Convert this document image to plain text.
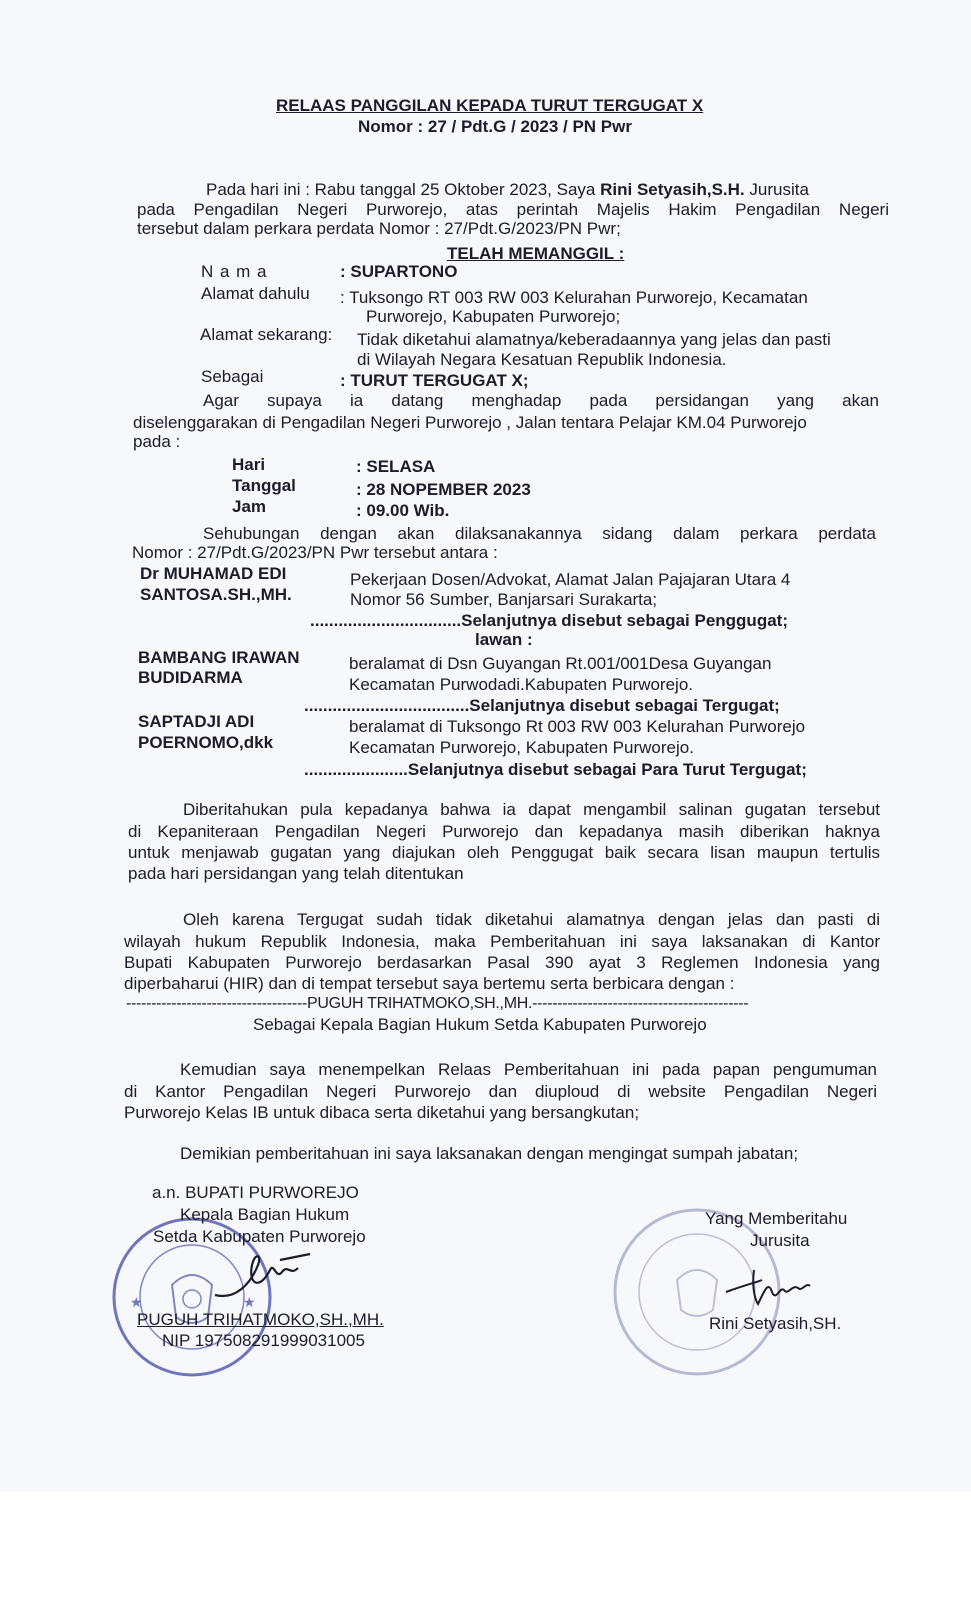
RELAAS PANGGILAN KEPADA TURUT TERGUGAT X
Nomor : 27 / Pdt.G / 2023 / PN Pwr
Pada hari ini : Rabu tanggal 25 Oktober 2023, Saya Rini Setyasih,S.H. Jurusita
pada Pengadilan Negeri Purworejo, atas perintah Majelis Hakim Pengadilan Negeri
tersebut dalam perkara perdata Nomor : 27/Pdt.G/2023/PN Pwr;
TELAH MEMANGGIL :
N a m a	: SUPARTONO
Alamat dahulu : Tuksongo RT 003 RW 003 Kelurahan Purworejo, Kecamatan
Purworejo, Kabupaten Purworejo;
Alamat sekarang: Tidak diketahui alamatnya/keberadaannya yang jelas dan pasti
di Wilayah Negara Kesatuan Republik Indonesia.
Sebagai	: TURUT TERGUGAT X;
Agar supaya ia datang menghadap pada persidangan yang akan
diselenggarakan di Pengadilan Negeri Purworejo , Jalan tentara Pelajar KM.04 Purworejo
pada :
Hari	: SELASA
Tanggal	: 28 NOPEMBER 2023
Jam	: 09.00 Wib.
Sehubungan dengan akan dilaksanakannya sidang dalam perkara perdata
Nomor : 27/Pdt.G/2023/PN Pwr tersebut antara :
Dr MUHAMAD EDI
SANTOSA.SH.,MH.
Pekerjaan Dosen/Advokat, Alamat Jalan Pajajaran Utara 4
Nomor 56 Sumber, Banjarsari Surakarta;
................................Selanjutnya disebut sebagai Penggugat;
lawan :
BAMBANG IRAWAN
BUDIDARMA
beralamat di Dsn Guyangan Rt.001/001Desa Guyangan
Kecamatan Purwodadi.Kabupaten Purworejo.
...................................Selanjutnya disebut sebagai Tergugat;
SAPTADJI ADI
POERNOMO,dkk
beralamat di Tuksongo Rt 003 RW 003 Kelurahan Purworejo
Kecamatan Purworejo, Kabupaten Purworejo.
......................Selanjutnya disebut sebagai Para Turut Tergugat;
Diberitahukan pula kepadanya bahwa ia dapat mengambil salinan gugatan tersebut
di Kepaniteraan Pengadilan Negeri Purworejo dan kepadanya masih diberikan haknya
untuk menjawab gugatan yang diajukan oleh Penggugat baik secara lisan maupun tertulis
pada hari persidangan yang telah ditentukan
Oleh karena Tergugat sudah tidak diketahui alamatnya dengan jelas dan pasti di
wilayah hukum Republik Indonesia, maka Pemberitahuan ini saya laksanakan di Kantor
Bupati Kabupaten Purworejo berdasarkan Pasal 390 ayat 3 Reglemen Indonesia yang
diperbaharui (HIR) dan di tempat tersebut saya bertemu serta berbicara dengan :
------------------------------------PUGUH TRIHATMOKO,SH.,MH.-------------------------------------------
Sebagai Kepala Bagian Hukum Setda Kabupaten Purworejo
Kemudian saya menempelkan Relaas Pemberitahuan ini pada papan pengumuman
di Kantor Pengadilan Negeri Purworejo dan diuploud di website Pengadilan Negeri
Purworejo Kelas IB untuk dibaca serta diketahui yang bersangkutan;
Demikian pemberitahuan ini saya laksanakan dengan mengingat sumpah jabatan;
★	★
a.n. BUPATI PURWOREJO
Kepala Bagian Hukum
Setda Kabupaten Purworejo
PUGUH TRIHATMOKO,SH.,MH.
NIP 197508291999031005
Yang Memberitahu
Jurusita
Rini Setyasih,SH.
